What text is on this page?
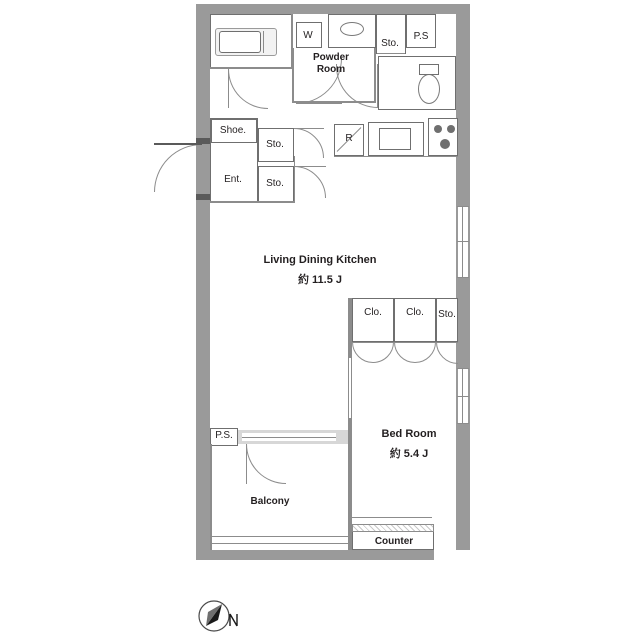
Living Dining Kitchen
約 11.5 J
Bed Room
約 5.4 J
Balcony
Powder
Room
W
Sto.
P.S
Shoe.
Sto.
Sto.
Ent.
R
Clo. Clo. Sto.
P.S.
Counter
